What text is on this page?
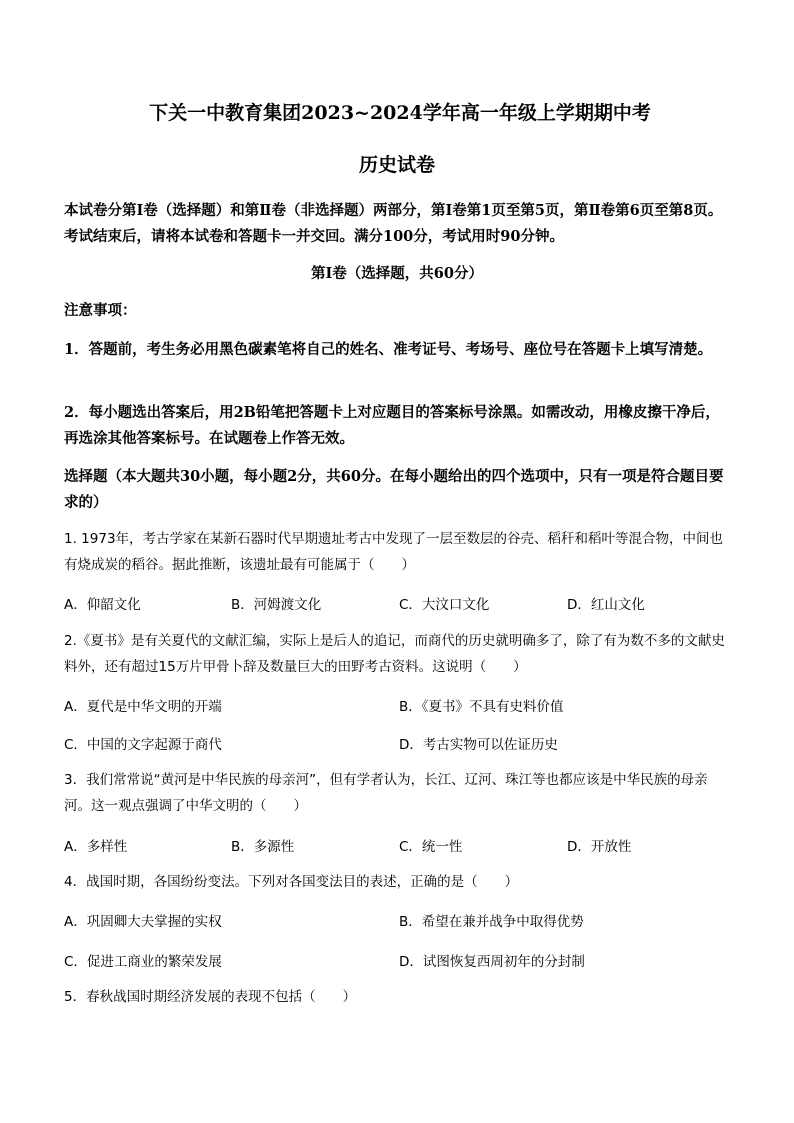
下关一中教育集团2023~2024学年高一年级上学期期中考
历史试卷
本试卷分第Ⅰ卷（选择题）和第Ⅱ卷（非选择题）两部分，第Ⅰ卷第1页至第5页，第Ⅱ卷第6页至第8页。考试结束后，请将本试卷和答题卡一并交回。满分100分，考试用时90分钟。
第Ⅰ卷（选择题，共60分）
注意事项：
1．答题前，考生务必用黑色碳素笔将自己的姓名、准考证号、考场号、座位号在答题卡上填写清楚。
2．每小题选出答案后，用2B铅笔把答题卡上对应题目的答案标号涂黑。如需改动，用橡皮擦干净后，再选涂其他答案标号。在试题卷上作答无效。
选择题（本大题共30小题，每小题2分，共60分。在每小题给出的四个选项中，只有一项是符合题目要求的）
1. 1973年，考古学家在某新石器时代早期遗址考古中发现了一层至数层的谷壳、稻秆和稻叶等混合物，中间也有烧成炭的稻谷。据此推断，该遗址最有可能属于（　　）
A．仰韶文化	B．河姆渡文化	C．大汶口文化	D．红山文化
2.《夏书》是有关夏代的文献汇编，实际上是后人的追记，而商代的历史就明确多了，除了有为数不多的文献史料外，还有超过15万片甲骨卜辞及数量巨大的田野考古资料。这说明（　　）
A．夏代是中华文明的开端	B．《夏书》不具有史料价值
C．中国的文字起源于商代	D．考古实物可以佐证历史
3．我们常常说“黄河是中华民族的母亲河”，但有学者认为，长江、辽河、珠江等也都应该是中华民族的母亲河。这一观点强调了中华文明的（　　）
A．多样性	B．多源性	C．统一性	D．开放性
4．战国时期，各国纷纷变法。下列对各国变法目的表述，正确的是（　　）
A．巩固卿大夫掌握的实权	B．希望在兼并战争中取得优势
C．促进工商业的繁荣发展	D．试图恢复西周初年的分封制
5．春秋战国时期经济发展的表现不包括（　　）
